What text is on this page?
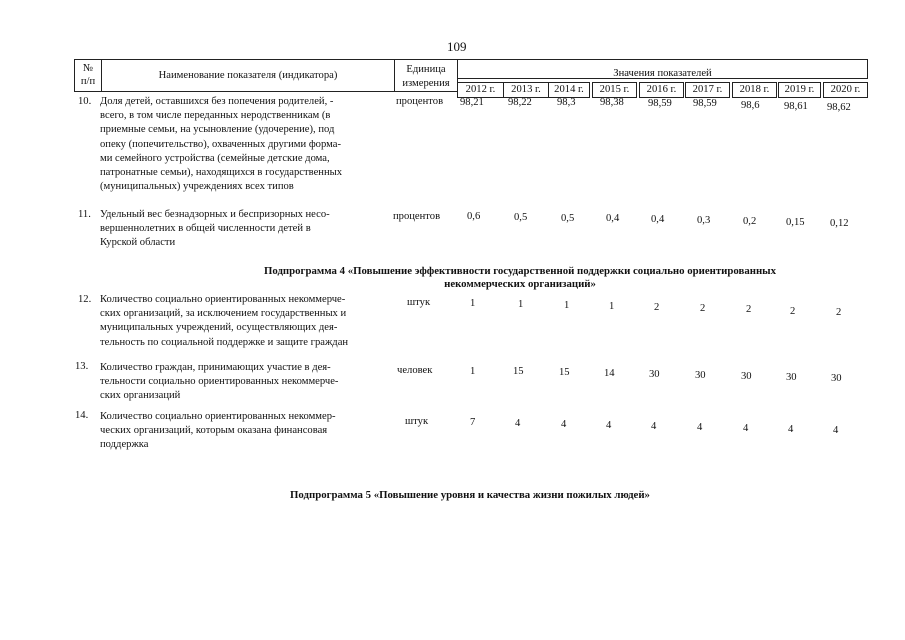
109
№
п/п
Наименование показателя (индикатора)
Единица
измерения
Значения показателей
2012 г.	2013 г.	2014 г.	2015 г.	2016 г.	2017 г.	2018 г.	2019 г.	2020 г.
10. Доля детей, оставшихся без попечения родителей, -
всего, в том числе переданных неродственникам (в
приемные семьи, на усыновление (удочерение), под
опеку (попечительство), охваченных другими форма-
ми семейного устройства (семейные детские дома,
патронатные семьи), находящихся в государственных
(муниципальных) учреждениях всех типов
процентов 98,21 98,22 98,3 98,38 98,59 98,59 98,6 98,61 98,62
11. Удельный вес безнадзорных и беспризорных несо-
вершеннолетних в общей численности детей в
Курской области
процентов	0,6	0,5	0,5	0,4	0,4	0,3	0,2	0,15 0,12
Подпрограмма 4 «Повышение эффективности государственной поддержки социально ориентированных
некоммерческих организаций»
12. Количество социально ориентированных некоммерче-
ских организаций, за исключением государственных и
муниципальных учреждений, осуществляющих дея-
тельность по социальной поддержке и защите граждан
штук	1	1	1	1	2	2	2	2	2
13. Количество граждан, принимающих участие в дея-
тельности социально ориентированных некоммерче-
ских организаций
человек	1	15	15	14	30	30	30	30	30
14. Количество социально ориентированных некоммер-
ческих организаций, которым оказана финансовая
поддержка
штук	7	4	4	4	4	4	4	4	4
Подпрограмма 5 «Повышение уровня и качества жизни пожилых людей»
